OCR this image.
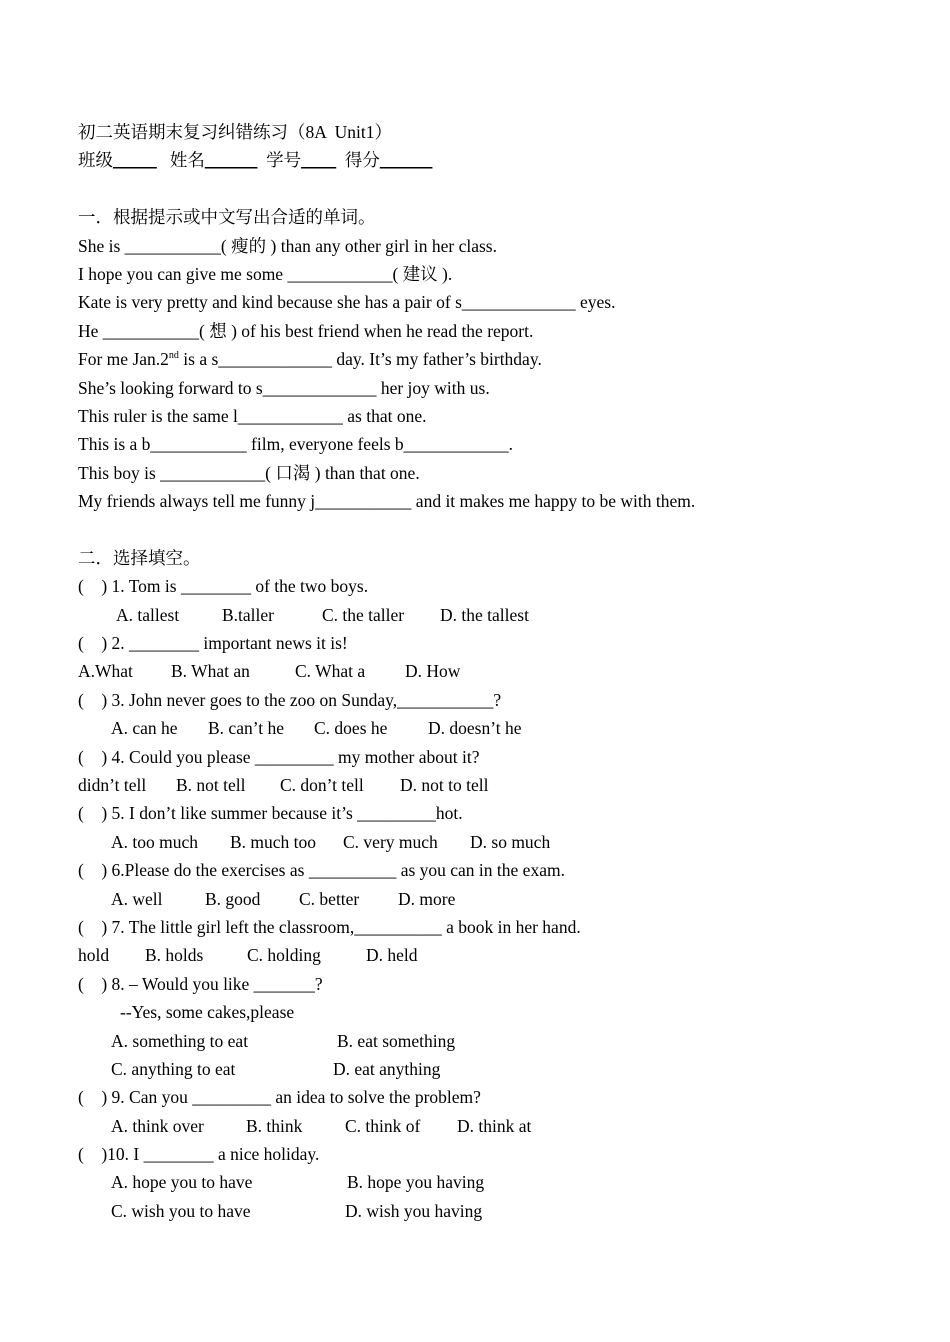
初二英语期末复习纠错练习（8A  Unit1）
班级_____ 姓名______ 学号____ 得分______
一．根据提示或中文写出合适的单词。
She is ___________( 瘦的 ) than any other girl in her class.
I hope you can give me some ____________( 建议 ).
Kate is very pretty and kind because she has a pair of s_____________ eyes.
He ___________( 想 ) of his best friend when he read the report.
For me Jan.2nd is a s_____________ day. It’s my father’s birthday.
She’s looking forward to s_____________ her joy with us.
This ruler is the same l____________ as that one.
This is a b___________ film, everyone feels b____________.
This boy is ____________( 口渴 ) than that one.
My friends always tell me funny j___________ and it makes me happy to be with them.
二．选择填空。
(    ) 1. Tom is ________ of the two boys.
A. tallest B.taller	C. the taller D. the tallest
(    ) 2. ________ important news it is!
A.What B. What an	C. What a D. How
(    ) 3. John never goes to the zoo on Sunday,___________?
A. can he B. can’t he C. does he D. doesn’t he
(    ) 4. Could you please _________ my mother about it?
didn’t tell B. not tell C. don’t tell D. not to tell
(    ) 5. I don’t like summer because it’s _________hot.
A. too much B. much too C. very much D. so much
(    ) 6.Please do the exercises as __________ as you can in the exam.
A. well B. good C. better D. more
(    ) 7. The little girl left the classroom,__________ a book in her hand.
hold B. holds C. holding	D. held
(    ) 8. – Would you like _______?
--Yes, some cakes,please
A. something to eat	B. eat something
C. anything to eat	D. eat anything
(    ) 9. Can you _________ an idea to solve the problem?
A. think over B. think C. think of D. think at
(    )10. I ________ a nice holiday.
A. hope you to have	B. hope you having
C. wish you to have	D. wish you having
